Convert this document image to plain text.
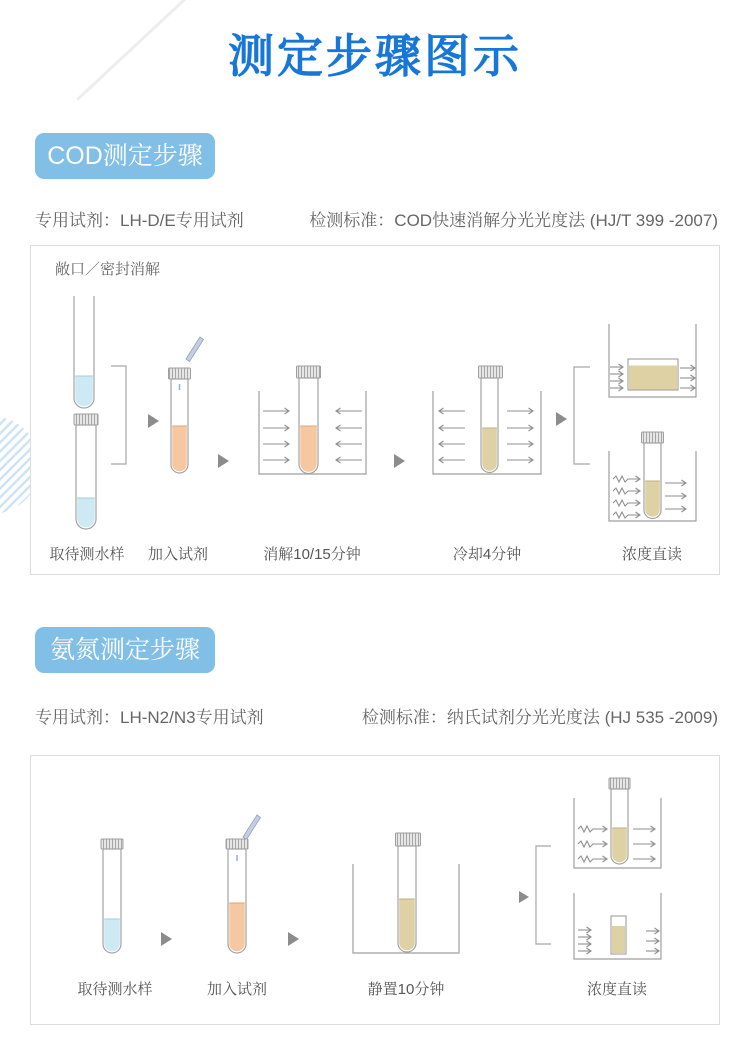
测定步骤图示
COD测定步骤
专用试剂：LH-D/E专用试剂	检测标准：COD快速消解分光光度法 (HJ/T 399 -2007)
敞口／密封消解
取待测水样 加入试剂	消解10/15分钟	冷却4分钟	浓度直读
氨氮测定步骤
专用试剂：LH-N2/N3专用试剂	检测标准：纳氏试剂分光光度法 (HJ 535 -2009)
取待测水样	加入试剂	静置10分钟	浓度直读
